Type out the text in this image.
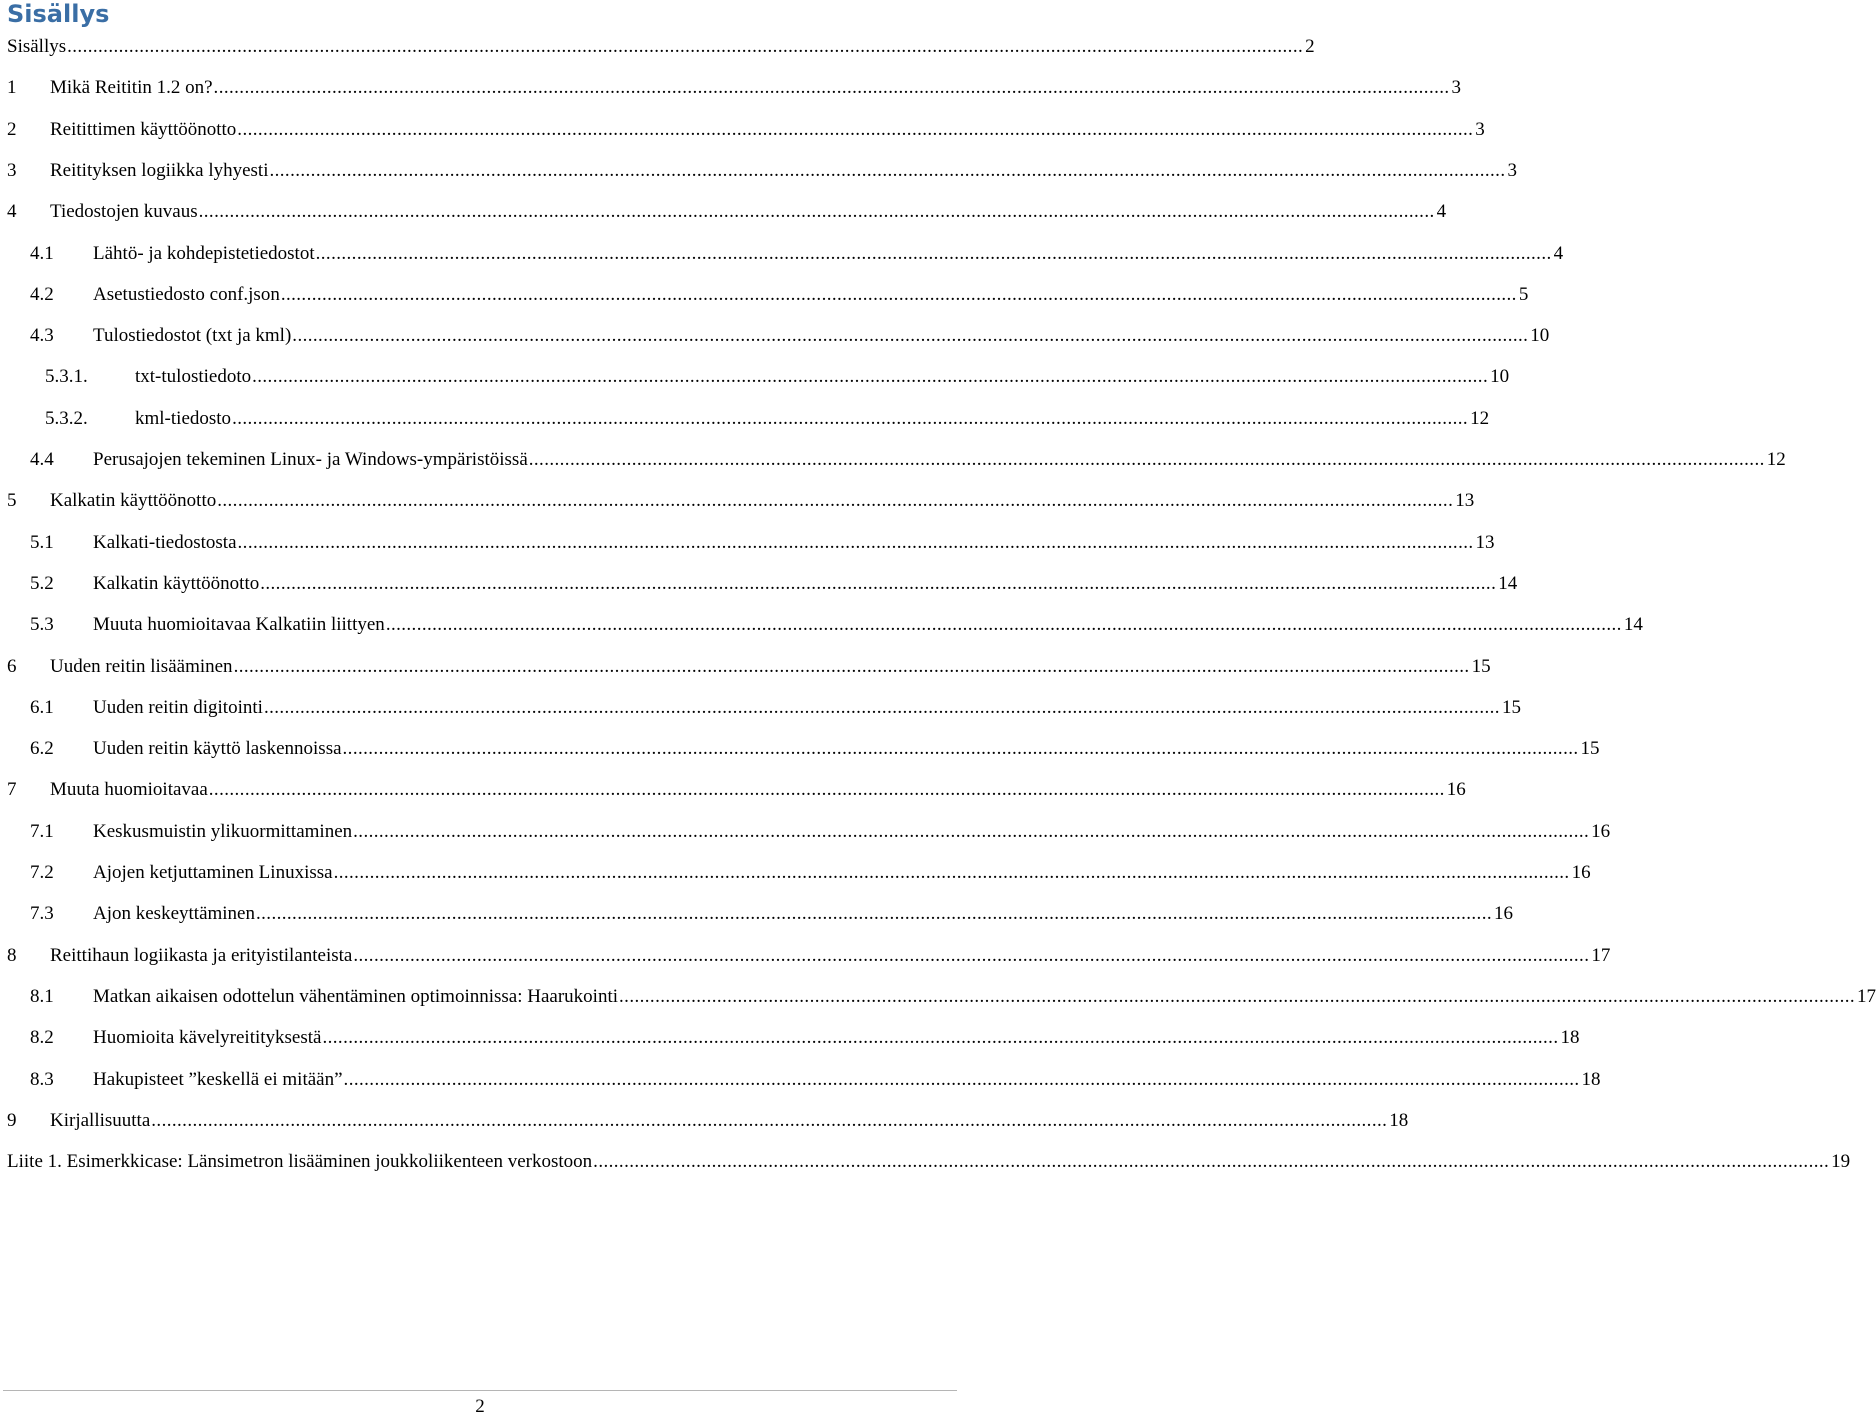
Sisällys
Sisällys ................................................................................................................................................................................................................................................ 2
1	Mikä Reititin 1.2 on? ................................................................................................................................................................................................................................................ 3
2	Reitittimen käyttöönotto ................................................................................................................................................................................................................................................ 3
3	Reitityksen logiikka lyhyesti ................................................................................................................................................................................................................................................ 3
4	Tiedostojen kuvaus ................................................................................................................................................................................................................................................ 4
4.1	Lähtö- ja kohdepistetiedostot ................................................................................................................................................................................................................................................ 4
4.2	Asetustiedosto conf.json ................................................................................................................................................................................................................................................ 5
4.3	Tulostiedostot (txt ja kml) ................................................................................................................................................................................................................................................ 10
5.3.1.	txt-tulostiedoto ................................................................................................................................................................................................................................................ 10
5.3.2.	kml-tiedosto ................................................................................................................................................................................................................................................ 12
4.4	Perusajojen tekeminen Linux- ja Windows-ympäristöissä ................................................................................................................................................................................................................................................ 12
5	Kalkatin käyttöönotto ................................................................................................................................................................................................................................................ 13
5.1	Kalkati-tiedostosta ................................................................................................................................................................................................................................................ 13
5.2	Kalkatin käyttöönotto ................................................................................................................................................................................................................................................ 14
5.3	Muuta huomioitavaa Kalkatiin liittyen ................................................................................................................................................................................................................................................ 14
6	Uuden reitin lisääminen ................................................................................................................................................................................................................................................ 15
6.1	Uuden reitin digitointi ................................................................................................................................................................................................................................................ 15
6.2	Uuden reitin käyttö laskennoissa ................................................................................................................................................................................................................................................ 15
7	Muuta huomioitavaa ................................................................................................................................................................................................................................................ 16
7.1	Keskusmuistin ylikuormittaminen ................................................................................................................................................................................................................................................ 16
7.2	Ajojen ketjuttaminen Linuxissa ................................................................................................................................................................................................................................................ 16
7.3	Ajon keskeyttäminen ................................................................................................................................................................................................................................................ 16
8	Reittihaun logiikasta ja erityistilanteista ................................................................................................................................................................................................................................................ 17
8.1	Matkan aikaisen odottelun vähentäminen optimoinnissa: Haarukointi ................................................................................................................................................................................................................................................ 17
8.2	Huomioita kävelyreitityksestä ................................................................................................................................................................................................................................................ 18
8.3	Hakupisteet ”keskellä ei mitään” ................................................................................................................................................................................................................................................ 18
9	Kirjallisuutta ................................................................................................................................................................................................................................................ 18
Liite 1. Esimerkkicase: Länsimetron lisääminen joukkoliikenteen verkostoon ................................................................................................................................................................................................................................................ 19
2
